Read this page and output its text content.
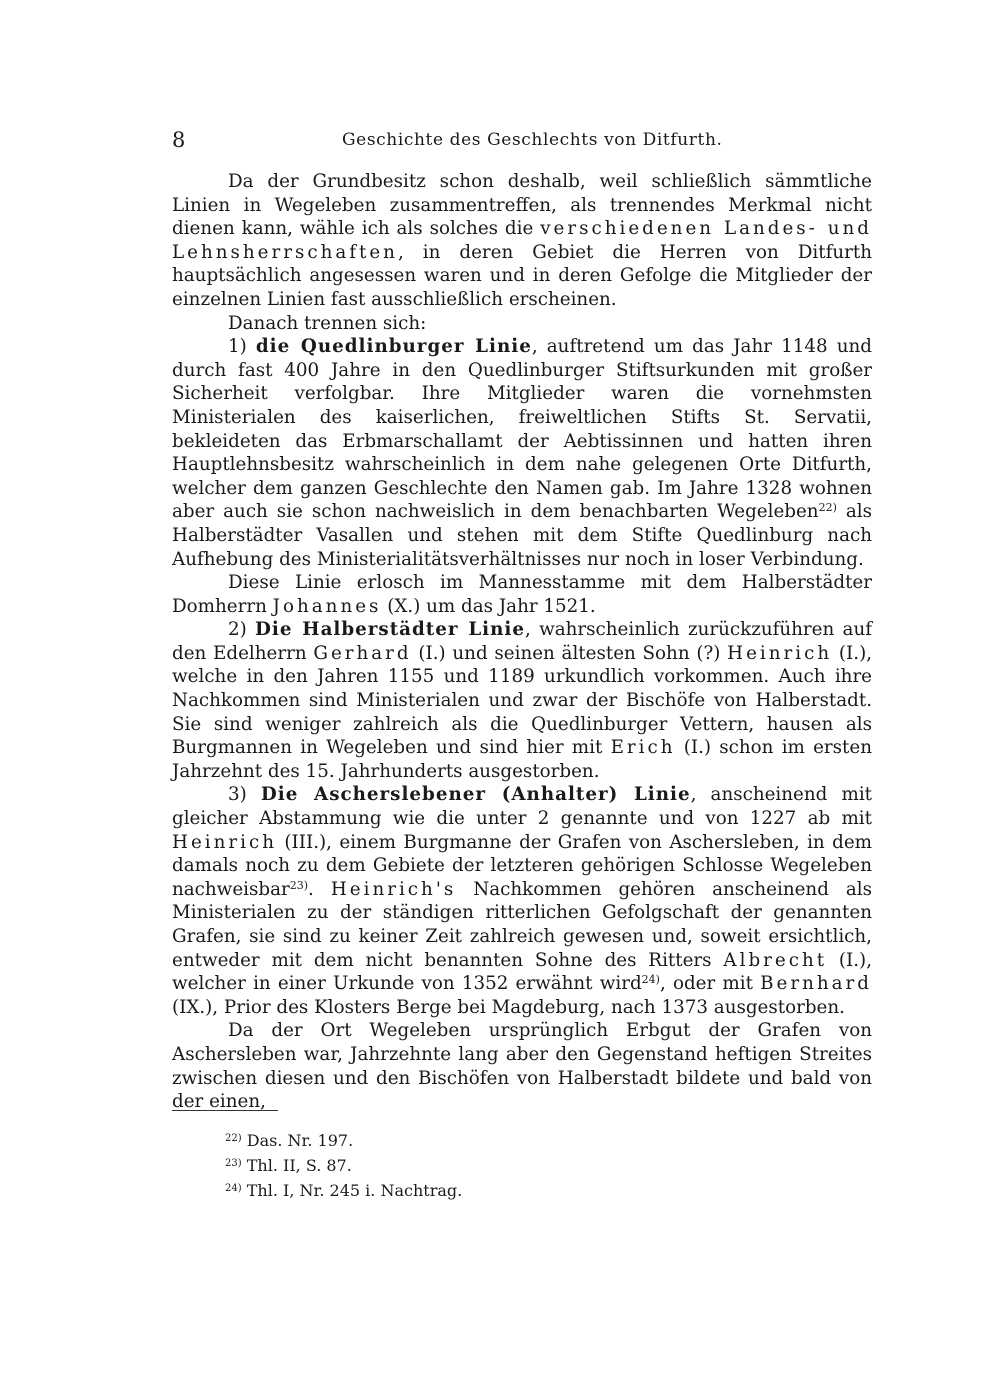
8	Geschichte des Geschlechts von Ditfurth.

Da der Grundbesitz schon deshalb, weil schließlich sämmtliche Linien in Wegeleben zusammentreffen, als trennendes Merkmal nicht dienen kann, wähle ich als solches die verschiedenen Landes- und Lehnsherrschaften, in deren Gebiet die Herren von Ditfurth hauptsächlich angesessen waren und in deren Gefolge die Mitglieder der einzelnen Linien fast ausschließlich erscheinen.

Danach trennen sich:

1) die Quedlinburger Linie, auftretend um das Jahr 1148 und durch fast 400 Jahre in den Quedlinburger Stiftsurkunden mit großer Sicherheit verfolgbar. Ihre Mitglieder waren die vornehmsten Ministerialen des kaiserlichen, freiweltlichen Stifts St. Servatii, bekleideten das Erbmarschallamt der Aebtissinnen und hatten ihren Hauptlehnsbesitz wahrscheinlich in dem nahe gelegenen Orte Ditfurth, welcher dem ganzen Geschlechte den Namen gab. Im Jahre 1328 wohnen aber auch sie schon nachweislich in dem benachbarten Wegeleben$^{22)}$ als Halberstädter Vasallen und stehen mit dem Stifte Quedlinburg nach Aufhebung des Ministerialitätsverhältnisses nur noch in loser Verbindung.

Diese Linie erlosch im Mannesstamme mit dem Halberstädter Domherrn Johannes (X.) um das Jahr 1521.

2) Die Halberstädter Linie, wahrscheinlich zurückzuführen auf den Edelherrn Gerhard (I.) und seinen ältesten Sohn (?) Heinrich (I.), welche in den Jahren 1155 und 1189 urkundlich vorkommen. Auch ihre Nachkommen sind Ministerialen und zwar der Bischöfe von Halberstadt. Sie sind weniger zahlreich als die Quedlinburger Vettern, hausen als Burgmannen in Wegeleben und sind hier mit Erich (I.) schon im ersten Jahrzehnt des 15. Jahrhunderts ausgestorben.

3) Die Ascherslebener (Anhalter) Linie, anscheinend mit gleicher Abstammung wie die unter 2 genannte und von 1227 ab mit Heinrich (III.), einem Burgmanne der Grafen von Aschersleben, in dem damals noch zu dem Gebiete der letzteren gehörigen Schlosse Wegeleben nachweisbar$^{23)}$. Heinrich's Nachkommen gehören anscheinend als Ministerialen zu der ständigen ritterlichen Gefolgschaft der genannten Grafen, sie sind zu keiner Zeit zahlreich gewesen und, soweit ersichtlich, entweder mit dem nicht benannten Sohne des Ritters Albrecht (I.), welcher in einer Urkunde von 1352 erwähnt wird$^{24)}$, oder mit Bernhard (IX.), Prior des Klosters Berge bei Magdeburg, nach 1373 ausgestorben.

Da der Ort Wegeleben ursprünglich Erbgut der Grafen von Aschersleben war, Jahrzehnte lang aber den Gegenstand heftigen Streites zwischen diesen und den Bischöfen von Halberstadt bildete und bald von der einen,

$^{22)}$ Das. Nr. 197.
$^{23)}$ Thl. II, S. 87.
$^{24)}$ Thl. I, Nr. 245 i. Nachtrag.
